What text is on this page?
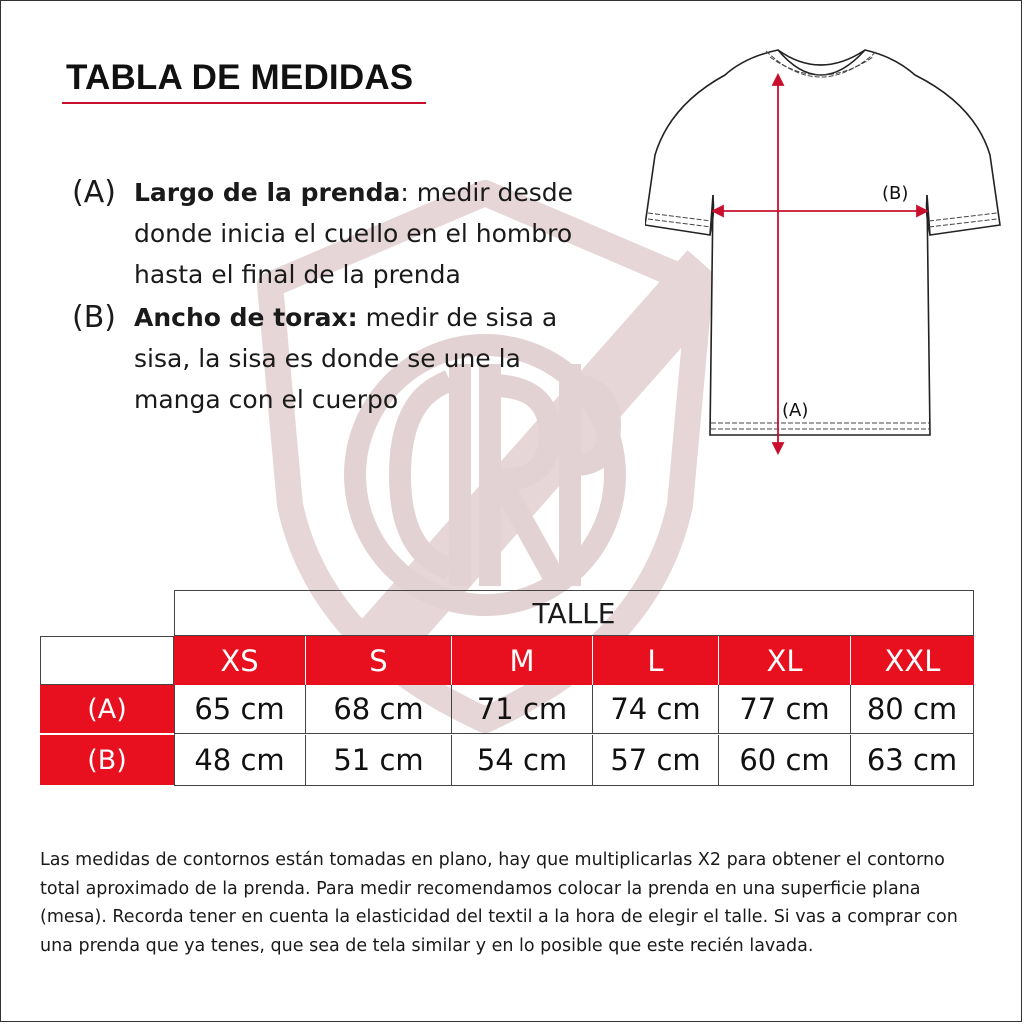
TABLA DE MEDIDAS
(A) Largo de la prenda: medir desde donde inicia el cuello en el hombro hasta el final de la prenda
(B) Ancho de torax: medir de sisa a sisa, la sisa es donde se une la manga con el cuerpo
(B)
(A)
TALLE
XS	S	M	L	XL	XXL
(A)	65 cm	68 cm	71 cm	74 cm	77 cm	80 cm
(B)	48 cm	51 cm	54 cm	57 cm	60 cm	63 cm
Las medidas de contornos están tomadas en plano, hay que multiplicarlas X2 para obtener el contorno total aproximado de la prenda. Para medir recomendamos colocar la prenda en una superficie plana (mesa). Recorda tener en cuenta la elasticidad del textil a la hora de elegir el talle. Si vas a comprar con una prenda que ya tenes, que sea de tela similar y en lo posible que este recién lavada.
